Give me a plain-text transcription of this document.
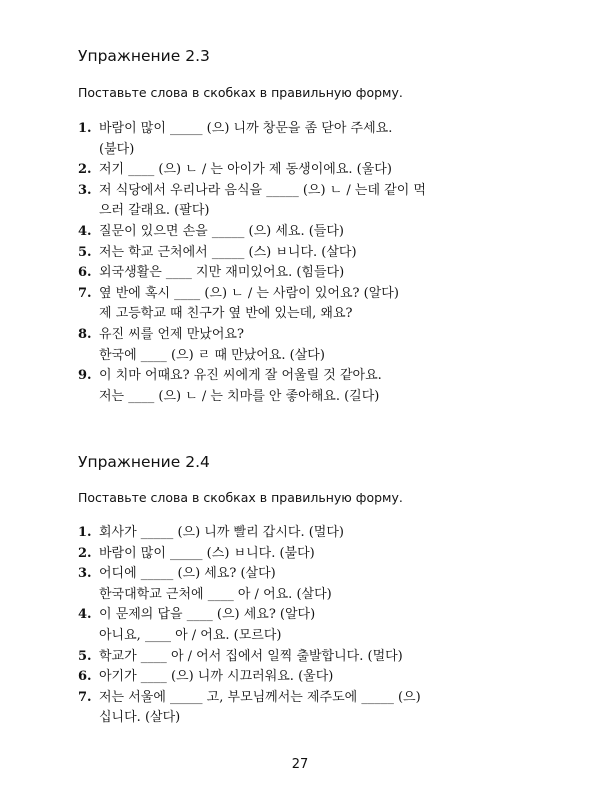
Упражнение 2.3

Поставьте слова в скобках в правильную форму.

1. 바람이 많이 _____ (으) 니까 창문을 좀 닫아 주세요.
(불다)
2. 저기 ____ (으) ㄴ / 는 아이가 제 동생이에요. (울다)
3. 저 식당에서 우리나라 음식을 _____ (으) ㄴ / 는데 같이 먹
으러 갈래요. (팔다)
4. 질문이 있으면 손을 _____ (으) 세요. (들다)
5. 저는 학교 근처에서 _____ (스) ㅂ니다. (살다)
6. 외국생활은 ____ 지만 재미있어요. (힘들다)
7. 옆 반에 혹시 ____ (으) ㄴ / 는 사람이 있어요? (알다)
제 고등학교 때 친구가 옆 반에 있는데, 왜요?
8. 유진 씨를 언제 만났어요?
한국에 ____ (으) ㄹ 때 만났어요. (살다)
9. 이 치마 어때요? 유진 씨에게 잘 어울릴 것 같아요.
저는 ____ (으) ㄴ / 는 치마를 안 좋아해요. (길다)
Упражнение 2.4

Поставьте слова в скобках в правильную форму.

1. 회사가 _____ (으) 니까 빨리 갑시다. (멀다)
2. 바람이 많이 _____ (스) ㅂ니다. (불다)
3. 어디에 _____ (으) 세요? (살다)
한국대학교 근처에 ____ 아 / 어요. (살다)
4. 이 문제의 답을 ____ (으) 세요? (알다)
아니요, ____ 아 / 어요. (모르다)
5. 학교가 ____ 아 / 어서 집에서 일찍 출발합니다. (멀다)
6. 아기가 ____ (으) 니까 시끄러워요. (울다)
7. 저는 서울에 _____ 고, 부모님께서는 제주도에 _____ (으)
십니다. (살다)
27
